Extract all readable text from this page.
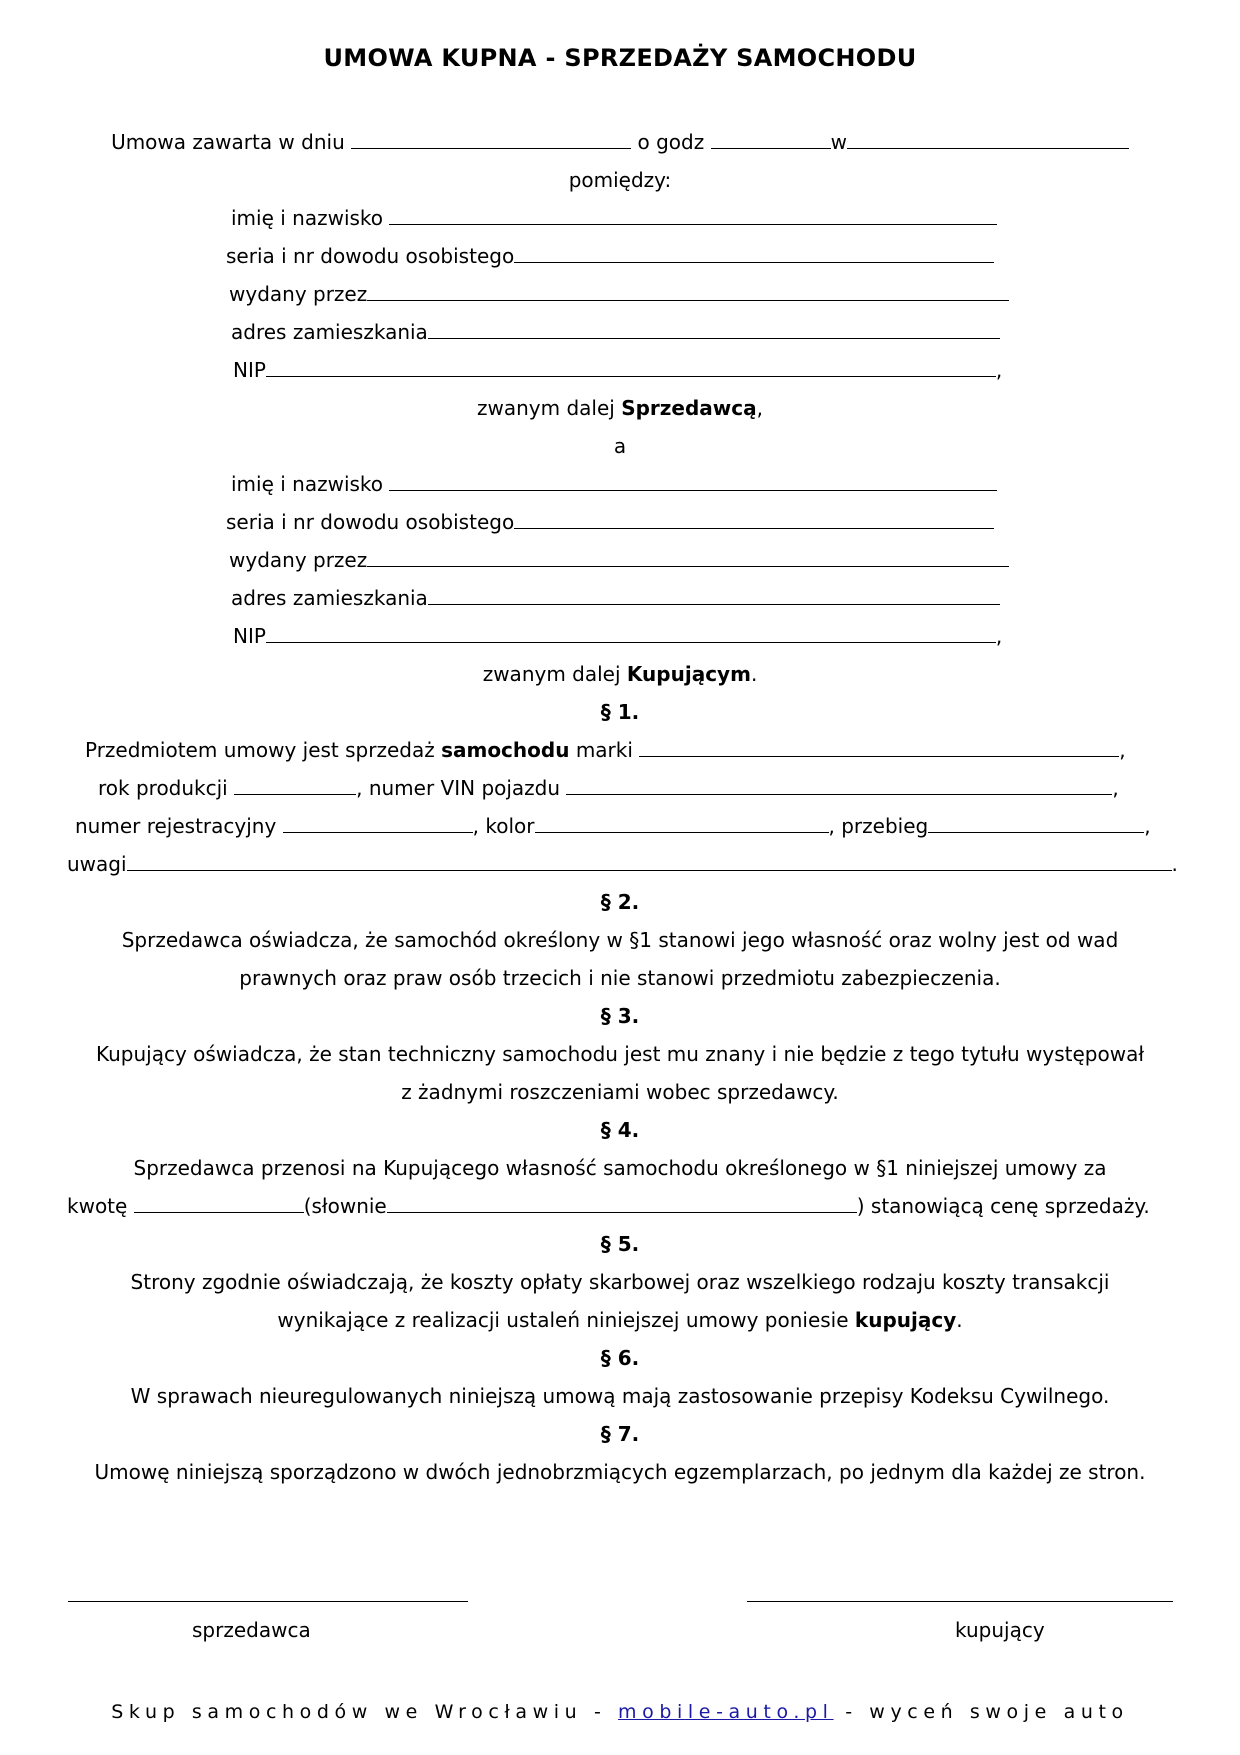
UMOWA KUPNA - SPRZEDAŻY SAMOCHODU
Umowa zawarta w dniu	o godz	w
pomiędzy:
imię i nazwisko
seria i nr dowodu osobistego
wydany przez
adres zamieszkania
NIP	,
zwanym dalej Sprzedawcą,
a
imię i nazwisko
seria i nr dowodu osobistego
wydany przez
adres zamieszkania
NIP	,
zwanym dalej Kupującym.
§ 1.
Przedmiotem umowy jest sprzedaż samochodu marki	,
rok produkcji	, numer VIN pojazdu	,
numer rejestracyjny	, kolor	, przebieg	,
uwagi	.
§ 2.
Sprzedawca oświadcza, że samochód określony w §1 stanowi jego własność oraz wolny jest od wad
prawnych oraz praw osób trzecich i nie stanowi przedmiotu zabezpieczenia.
§ 3.
Kupujący oświadcza, że stan techniczny samochodu jest mu znany i nie będzie z tego tytułu występował
z żadnymi roszczeniami wobec sprzedawcy.
§ 4.
Sprzedawca przenosi na Kupującego własność samochodu określonego w §1 niniejszej umowy za
kwotę	(słownie	) stanowiącą cenę sprzedaży.
§ 5.
Strony zgodnie oświadczają, że koszty opłaty skarbowej oraz wszelkiego rodzaju koszty transakcji
wynikające z realizacji ustaleń niniejszej umowy poniesie kupujący.
§ 6.
W sprawach nieuregulowanych niniejszą umową mają zastosowanie przepisy Kodeksu Cywilnego.
§ 7.
Umowę niniejszą sporządzono w dwóch jednobrzmiących egzemplarzach, po jednym dla każdej ze stron.
sprzedawca	kupujący
Skup samochodów we Wrocławiu - mobile-auto.pl - wyceń swoje auto
